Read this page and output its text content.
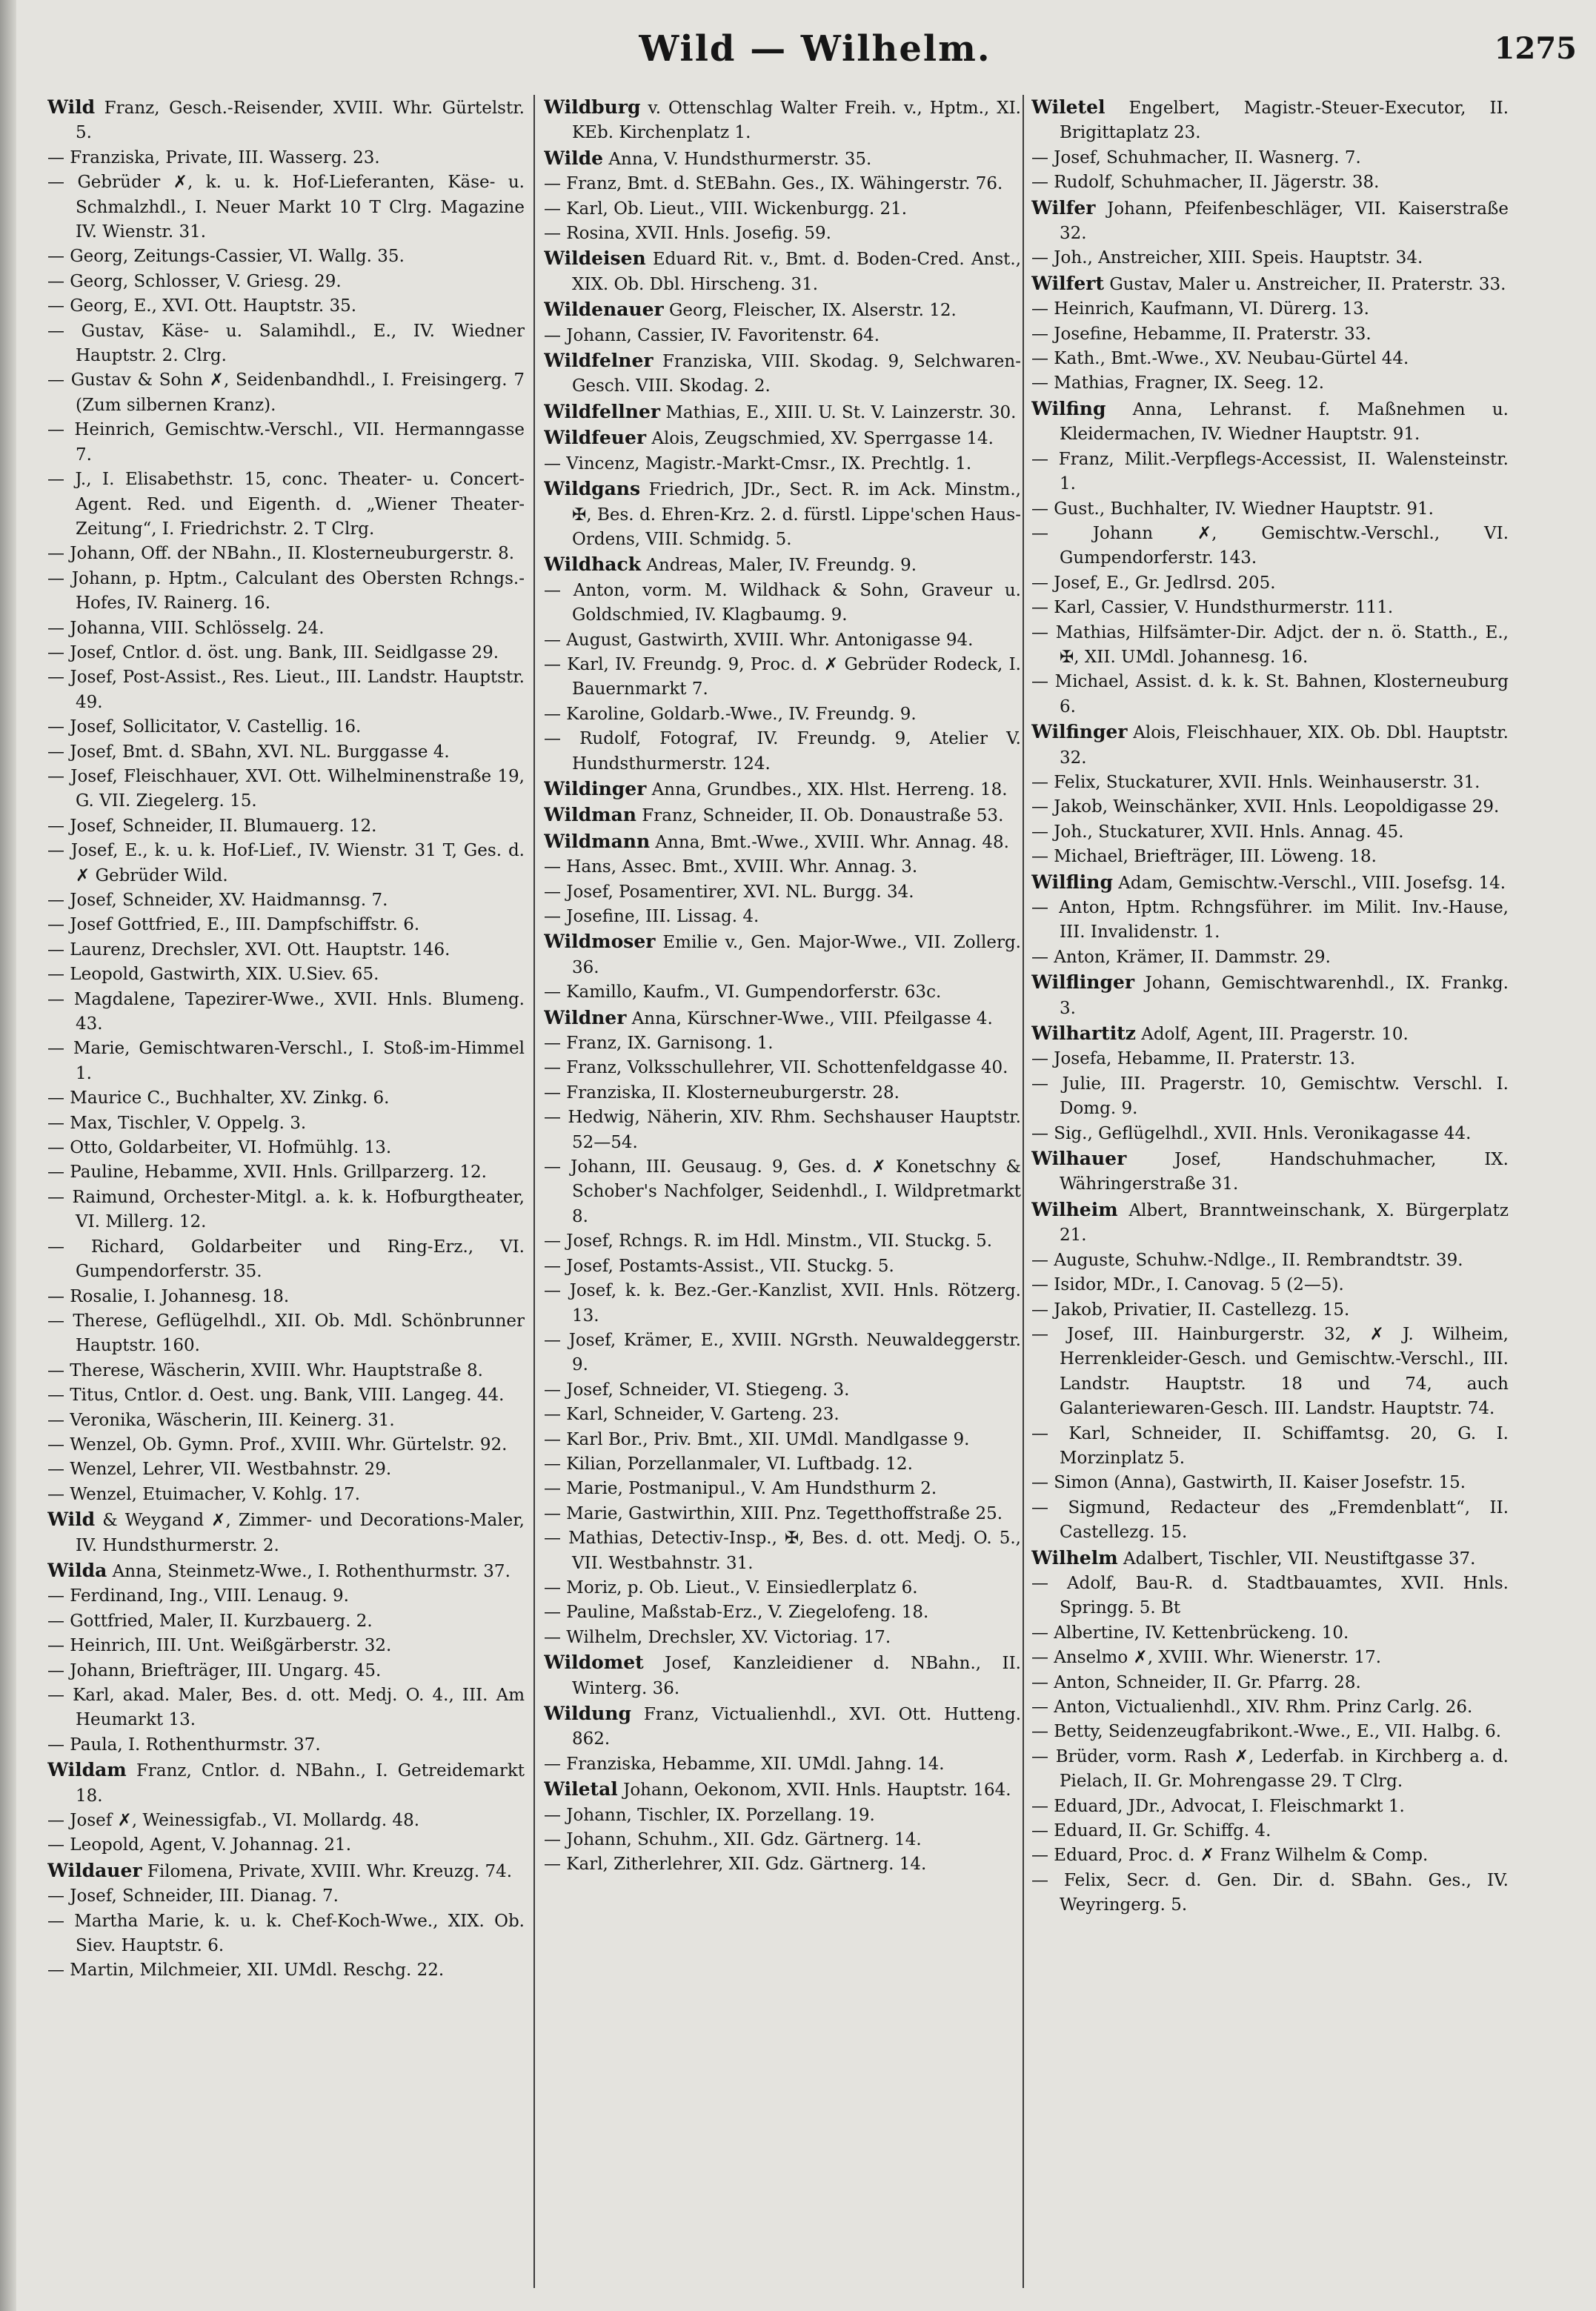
Wild — Wilhelm.	1275
Wild Franz, Gesch.-Reisender, XVIII. Whr. Gürtelstr. 5.
— Franziska, Private, III. Wasserg. 23.
— Gebrüder ✗, k. u. k. Hof-Lieferanten, Käse- u. Schmalzhdl., I. Neuer Markt 10 T Clrg. Magazine IV. Wienstr. 31.
— Georg, Zeitungs-Cassier, VI. Wallg. 35.
— Georg, Schlosser, V. Griesg. 29.
— Georg, E., XVI. Ott. Hauptstr. 35.
— Gustav, Käse- u. Salamihdl., E., IV. Wiedner Hauptstr. 2. Clrg.
— Gustav & Sohn ✗, Seidenbandhdl., I. Freisingerg. 7 (Zum silbernen Kranz).
— Heinrich, Gemischtw.-Verschl., VII. Hermanngasse 7.
— J., I. Elisabethstr. 15, conc. Theater- u. Concert-Agent. Red. und Eigenth. d. „Wiener Theater-Zeitung“, I. Friedrichstr. 2. T Clrg.
— Johann, Off. der NBahn., II. Klosterneuburgerstr. 8.
— Johann, p. Hptm., Calculant des Obersten Rchngs.-Hofes, IV. Rainerg. 16.
— Johanna, VIII. Schlösselg. 24.
— Josef, Cntlor. d. öst. ung. Bank, III. Seidlgasse 29.
— Josef, Post-Assist., Res. Lieut., III. Landstr. Hauptstr. 49.
— Josef, Sollicitator, V. Castellig. 16.
— Josef, Bmt. d. SBahn, XVI. NL. Burggasse 4.
— Josef, Fleischhauer, XVI. Ott. Wilhelminenstraße 19, G. VII. Ziegelerg. 15.
— Josef, Schneider, II. Blumauerg. 12.
— Josef, E., k. u. k. Hof-Lief., IV. Wienstr. 31 T, Ges. d. ✗ Gebrüder Wild.
— Josef, Schneider, XV. Haidmannsg. 7.
— Josef Gottfried, E., III. Dampfschiffstr. 6.
— Laurenz, Drechsler, XVI. Ott. Hauptstr. 146.
— Leopold, Gastwirth, XIX. U.Siev. 65.
— Magdalene, Tapezirer-Wwe., XVII. Hnls. Blumeng. 43.
— Marie, Gemischtwaren-Verschl., I. Stoß-im-Himmel 1.
— Maurice C., Buchhalter, XV. Zinkg. 6.
— Max, Tischler, V. Oppelg. 3.
— Otto, Goldarbeiter, VI. Hofmühlg. 13.
— Pauline, Hebamme, XVII. Hnls. Grillparzerg. 12.
— Raimund, Orchester-Mitgl. a. k. k. Hofburgtheater, VI. Millerg. 12.
— Richard, Goldarbeiter und Ring-Erz., VI. Gumpendorferstr. 35.
— Rosalie, I. Johannesg. 18.
— Therese, Geflügelhdl., XII. Ob. Mdl. Schönbrunner Hauptstr. 160.
— Therese, Wäscherin, XVIII. Whr. Hauptstraße 8.
— Titus, Cntlor. d. Oest. ung. Bank, VIII. Langeg. 44.
— Veronika, Wäscherin, III. Keinerg. 31.
— Wenzel, Ob. Gymn. Prof., XVIII. Whr. Gürtelstr. 92.
— Wenzel, Lehrer, VII. Westbahnstr. 29.
— Wenzel, Etuimacher, V. Kohlg. 17.
Wild & Weygand ✗, Zimmer- und Decorations-Maler, IV. Hundsthurmerstr. 2.
Wilda Anna, Steinmetz-Wwe., I. Rothenthurmstr. 37.
— Ferdinand, Ing., VIII. Lenaug. 9.
— Gottfried, Maler, II. Kurzbauerg. 2.
— Heinrich, III. Unt. Weißgärberstr. 32.
— Johann, Briefträger, III. Ungarg. 45.
— Karl, akad. Maler, Bes. d. ott. Medj. O. 4., III. Am Heumarkt 13.
— Paula, I. Rothenthurmstr. 37.
Wildam Franz, Cntlor. d. NBahn., I. Getreidemarkt 18.
— Josef ✗, Weinessigfab., VI. Mollardg. 48.
— Leopold, Agent, V. Johannag. 21.
Wildauer Filomena, Private, XVIII. Whr. Kreuzg. 74.
— Josef, Schneider, III. Dianag. 7.
— Martha Marie, k. u. k. Chef-Koch-Wwe., XIX. Ob. Siev. Hauptstr. 6.
— Martin, Milchmeier, XII. UMdl. Reschg. 22.
Wildburg v. Ottenschlag Walter Freih. v., Hptm., XI. KEb. Kirchenplatz 1.
Wilde Anna, V. Hundsthurmerstr. 35.
— Franz, Bmt. d. StEBahn. Ges., IX. Wähingerstr. 76.
— Karl, Ob. Lieut., VIII. Wickenburgg. 21.
— Rosina, XVII. Hnls. Josefig. 59.
Wildeisen Eduard Rit. v., Bmt. d. Boden-Cred. Anst., XIX. Ob. Dbl. Hirscheng. 31.
Wildenauer Georg, Fleischer, IX. Alserstr. 12.
— Johann, Cassier, IV. Favoritenstr. 64.
Wildfelner Franziska, VIII. Skodag. 9, Selchwaren-Gesch. VIII. Skodag. 2.
Wildfellner Mathias, E., XIII. U. St. V. Lainzerstr. 30.
Wildfeuer Alois, Zeugschmied, XV. Sperrgasse 14.
— Vincenz, Magistr.-Markt-Cmsr., IX. Prechtlg. 1.
Wildgans Friedrich, JDr., Sect. R. im Ack. Minstm., ✠, Bes. d. Ehren-Krz. 2. d. fürstl. Lippe'schen Haus-Ordens, VIII. Schmidg. 5.
Wildhack Andreas, Maler, IV. Freundg. 9.
— Anton, vorm. M. Wildhack & Sohn, Graveur u. Goldschmied, IV. Klagbaumg. 9.
— August, Gastwirth, XVIII. Whr. Antonigasse 94.
— Karl, IV. Freundg. 9, Proc. d. ✗ Gebrüder Rodeck, I. Bauernmarkt 7.
— Karoline, Goldarb.-Wwe., IV. Freundg. 9.
— Rudolf, Fotograf, IV. Freundg. 9, Atelier V. Hundsthurmerstr. 124.
Wildinger Anna, Grundbes., XIX. Hlst. Herreng. 18.
Wildman Franz, Schneider, II. Ob. Donaustraße 53.
Wildmann Anna, Bmt.-Wwe., XVIII. Whr. Annag. 48.
— Hans, Assec. Bmt., XVIII. Whr. Annag. 3.
— Josef, Posamentirer, XVI. NL. Burgg. 34.
— Josefine, III. Lissag. 4.
Wildmoser Emilie v., Gen. Major-Wwe., VII. Zollerg. 36.
— Kamillo, Kaufm., VI. Gumpendorferstr. 63c.
Wildner Anna, Kürschner-Wwe., VIII. Pfeilgasse 4.
— Franz, IX. Garnisong. 1.
— Franz, Volksschullehrer, VII. Schottenfeldgasse 40.
— Franziska, II. Klosterneuburgerstr. 28.
— Hedwig, Näherin, XIV. Rhm. Sechshauser Hauptstr. 52—54.
— Johann, III. Geusaug. 9, Ges. d. ✗ Konetschny & Schober's Nachfolger, Seidenhdl., I. Wildpretmarkt 8.
— Josef, Rchngs. R. im Hdl. Minstm., VII. Stuckg. 5.
— Josef, Postamts-Assist., VII. Stuckg. 5.
— Josef, k. k. Bez.-Ger.-Kanzlist, XVII. Hnls. Rötzerg. 13.
— Josef, Krämer, E., XVIII. NGrsth. Neuwaldeggerstr. 9.
— Josef, Schneider, VI. Stiegeng. 3.
— Karl, Schneider, V. Garteng. 23.
— Karl Bor., Priv. Bmt., XII. UMdl. Mandlgasse 9.
— Kilian, Porzellanmaler, VI. Luftbadg. 12.
— Marie, Postmanipul., V. Am Hundsthurm 2.
— Marie, Gastwirthin, XIII. Pnz. Tegetthoffstraße 25.
— Mathias, Detectiv-Insp., ✠, Bes. d. ott. Medj. O. 5., VII. Westbahnstr. 31.
— Moriz, p. Ob. Lieut., V. Einsiedlerplatz 6.
— Pauline, Maßstab-Erz., V. Ziegelofeng. 18.
— Wilhelm, Drechsler, XV. Victoriag. 17.
Wildomet Josef, Kanzleidiener d. NBahn., II. Winterg. 36.
Wildung Franz, Victualienhdl., XVI. Ott. Hutteng. 862.
— Franziska, Hebamme, XII. UMdl. Jahng. 14.
Wiletal Johann, Oekonom, XVII. Hnls. Hauptstr. 164.
— Johann, Tischler, IX. Porzellang. 19.
— Johann, Schuhm., XII. Gdz. Gärtnerg. 14.
— Karl, Zitherlehrer, XII. Gdz. Gärtnerg. 14.
Wiletel Engelbert, Magistr.-Steuer-Executor, II. Brigittaplatz 23.
— Josef, Schuhmacher, II. Wasnerg. 7.
— Rudolf, Schuhmacher, II. Jägerstr. 38.
Wilfer Johann, Pfeifenbeschläger, VII. Kaiserstraße 32.
— Joh., Anstreicher, XIII. Speis. Hauptstr. 34.
Wilfert Gustav, Maler u. Anstreicher, II. Praterstr. 33.
— Heinrich, Kaufmann, VI. Dürerg. 13.
— Josefine, Hebamme, II. Praterstr. 33.
— Kath., Bmt.-Wwe., XV. Neubau-Gürtel 44.
— Mathias, Fragner, IX. Seeg. 12.
Wilfing Anna, Lehranst. f. Maßnehmen u. Kleidermachen, IV. Wiedner Hauptstr. 91.
— Franz, Milit.-Verpflegs-Accessist, II. Walensteinstr. 1.
— Gust., Buchhalter, IV. Wiedner Hauptstr. 91.
— Johann ✗, Gemischtw.-Verschl., VI. Gumpendorferstr. 143.
— Josef, E., Gr. Jedlrsd. 205.
— Karl, Cassier, V. Hundsthurmerstr. 111.
— Mathias, Hilfsämter-Dir. Adjct. der n. ö. Statth., E., ✠, XII. UMdl. Johannesg. 16.
— Michael, Assist. d. k. k. St. Bahnen, Klosterneuburg 6.
Wilfinger Alois, Fleischhauer, XIX. Ob. Dbl. Hauptstr. 32.
— Felix, Stuckaturer, XVII. Hnls. Weinhauserstr. 31.
— Jakob, Weinschänker, XVII. Hnls. Leopoldigasse 29.
— Joh., Stuckaturer, XVII. Hnls. Annag. 45.
— Michael, Briefträger, III. Löweng. 18.
Wilfling Adam, Gemischtw.-Verschl., VIII. Josefsg. 14.
— Anton, Hptm. Rchngsführer. im Milit. Inv.-Hause, III. Invalidenstr. 1.
— Anton, Krämer, II. Dammstr. 29.
Wilflinger Johann, Gemischtwarenhdl., IX. Frankg. 3.
Wilhartitz Adolf, Agent, III. Pragerstr. 10.
— Josefa, Hebamme, II. Praterstr. 13.
— Julie, III. Pragerstr. 10, Gemischtw. Verschl. I. Domg. 9.
— Sig., Geflügelhdl., XVII. Hnls. Veronikagasse 44.
Wilhauer Josef, Handschuhmacher, IX. Währingerstraße 31.
Wilheim Albert, Branntweinschank, X. Bürgerplatz 21.
— Auguste, Schuhw.-Ndlge., II. Rembrandtstr. 39.
— Isidor, MDr., I. Canovag. 5 (2—5).
— Jakob, Privatier, II. Castellezg. 15.
— Josef, III. Hainburgerstr. 32, ✗ J. Wilheim, Herrenkleider-Gesch. und Gemischtw.-Verschl., III. Landstr. Hauptstr. 18 und 74, auch Galanteriewaren-Gesch. III. Landstr. Hauptstr. 74.
— Karl, Schneider, II. Schiffamtsg. 20, G. I. Morzinplatz 5.
— Simon (Anna), Gastwirth, II. Kaiser Josefstr. 15.
— Sigmund, Redacteur des „Fremdenblatt“, II. Castellezg. 15.
Wilhelm Adalbert, Tischler, VII. Neustiftgasse 37.
— Adolf, Bau-R. d. Stadtbauamtes, XVII. Hnls. Springg. 5. Bt
— Albertine, IV. Kettenbrückeng. 10.
— Anselmo ✗, XVIII. Whr. Wienerstr. 17.
— Anton, Schneider, II. Gr. Pfarrg. 28.
— Anton, Victualienhdl., XIV. Rhm. Prinz Carlg. 26.
— Betty, Seidenzeugfabrikont.-Wwe., E., VII. Halbg. 6.
— Brüder, vorm. Rash ✗, Lederfab. in Kirchberg a. d. Pielach, II. Gr. Mohrengasse 29. T Clrg.
— Eduard, JDr., Advocat, I. Fleischmarkt 1.
— Eduard, II. Gr. Schiffg. 4.
— Eduard, Proc. d. ✗ Franz Wilhelm & Comp.
— Felix, Secr. d. Gen. Dir. d. SBahn. Ges., IV. Weyringerg. 5.
